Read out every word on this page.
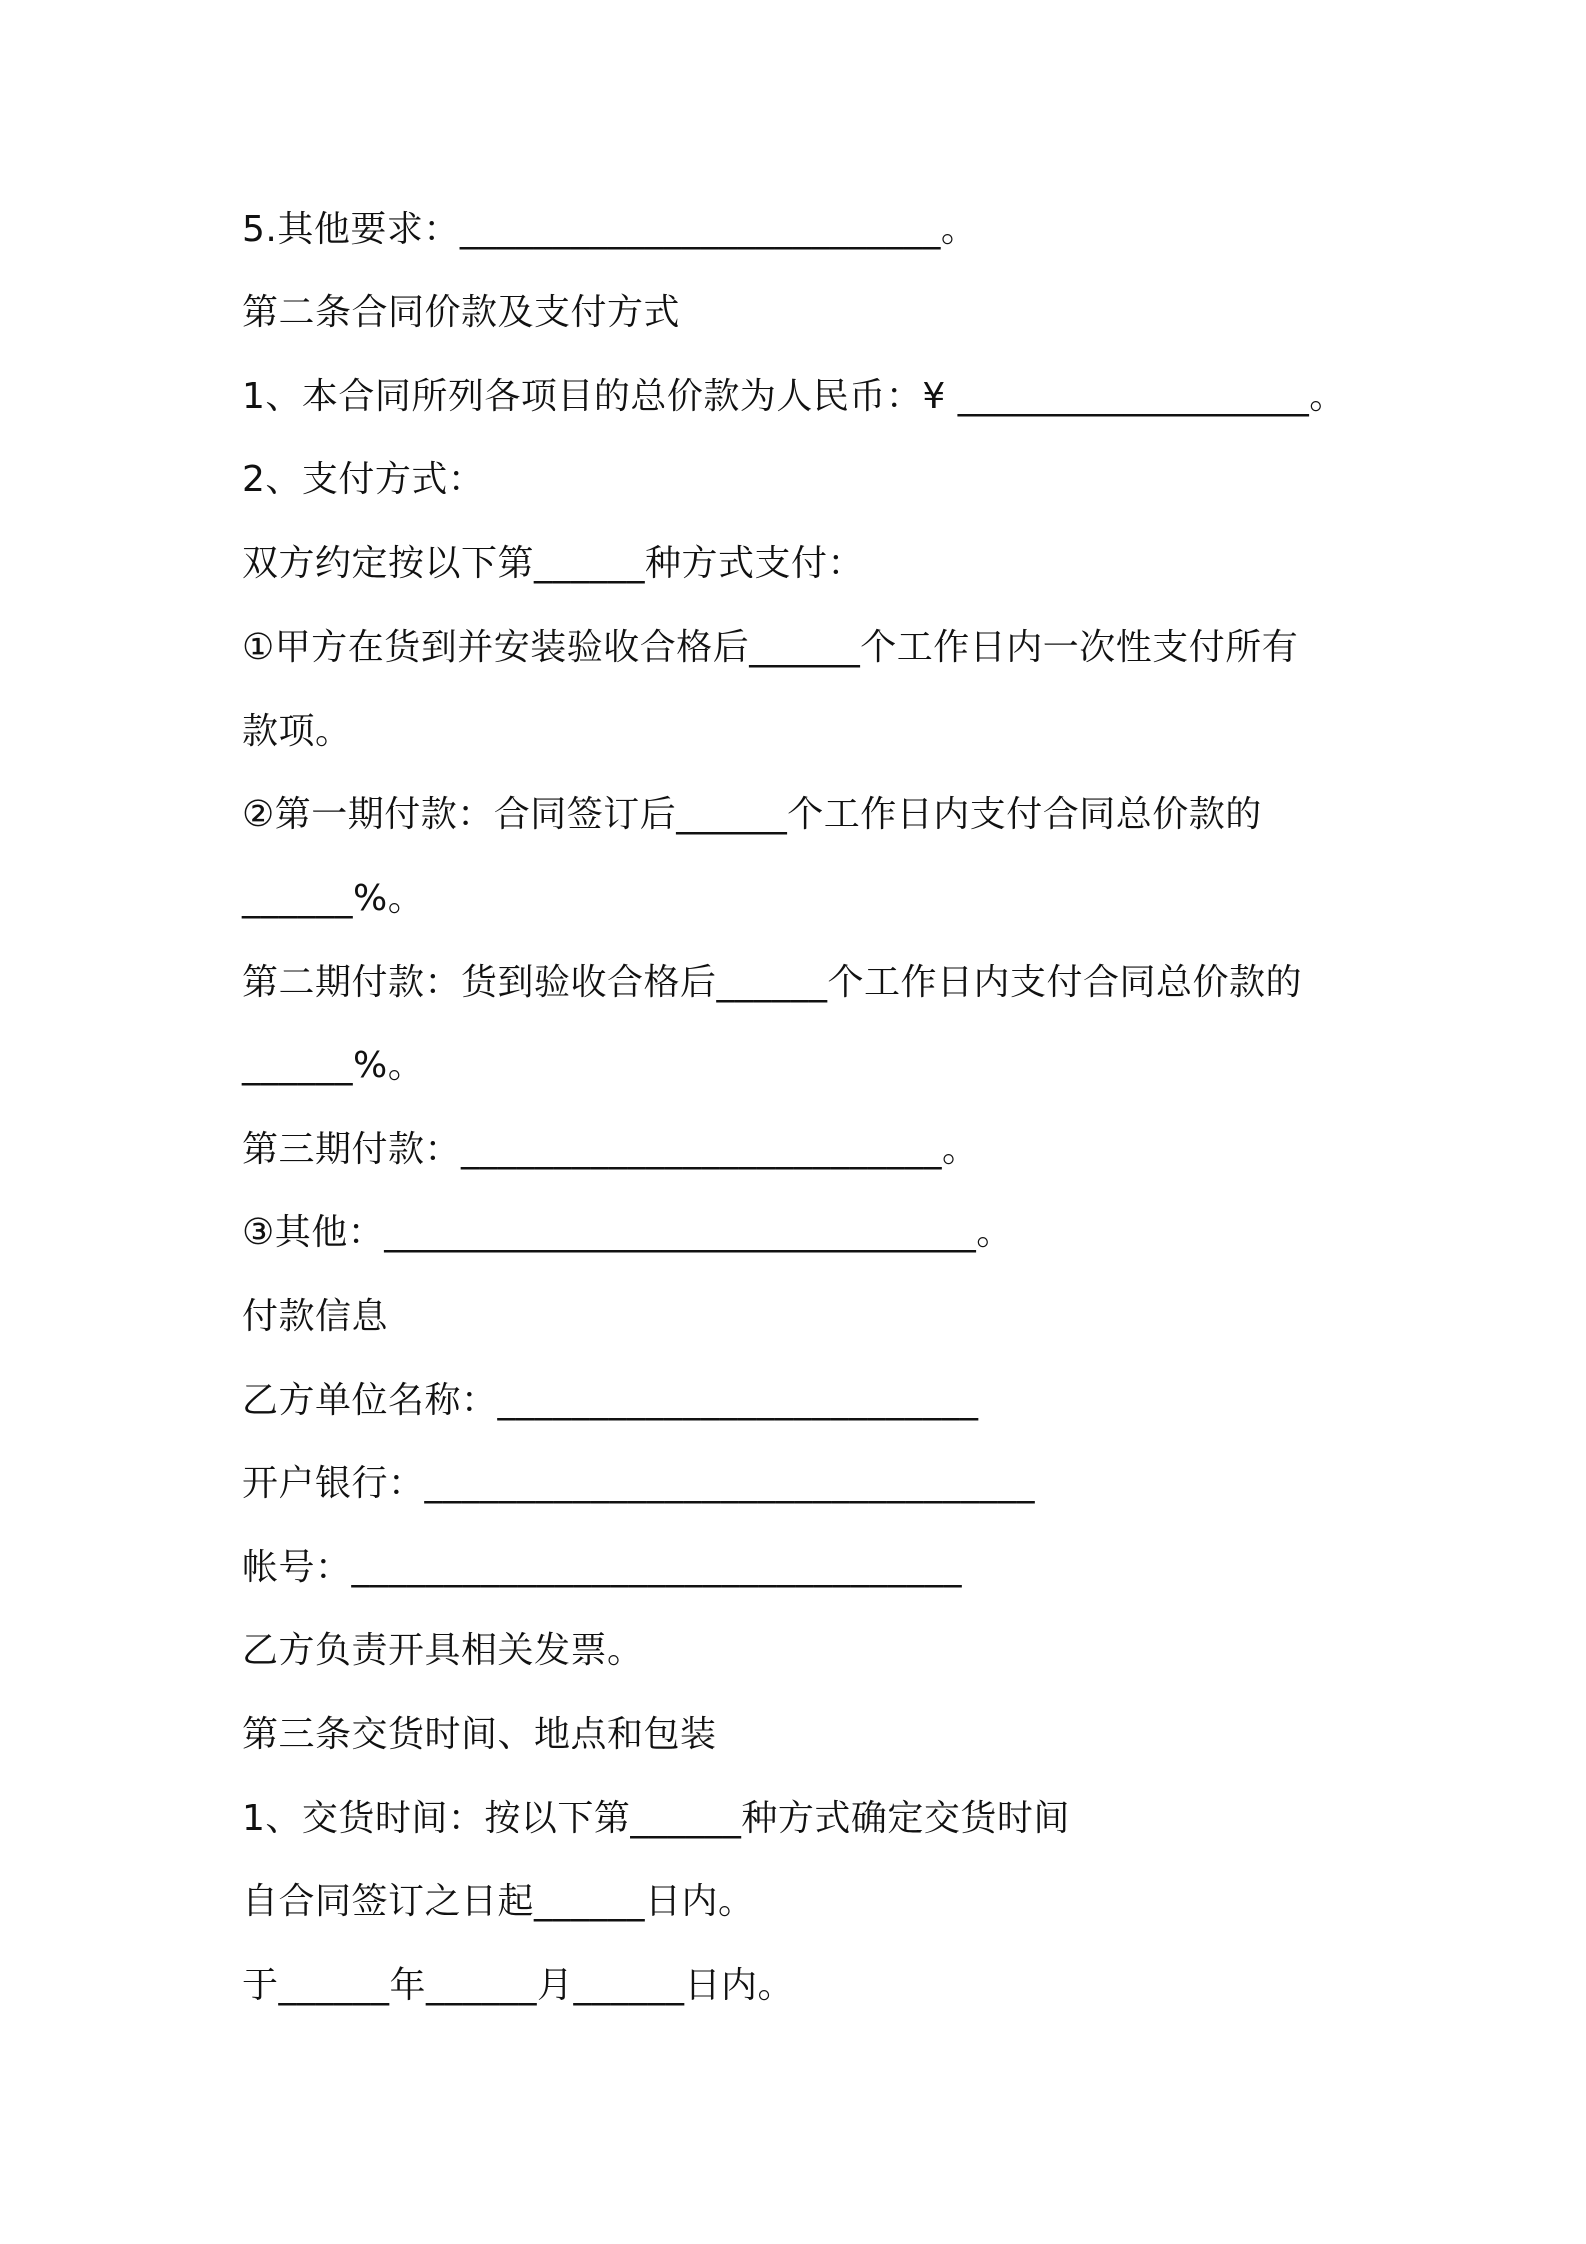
5.其他要求：__________________________。

第二条合同价款及支付方式

1、本合同所列各项目的总价款为人民币：¥ ___________________。

2、支付方式：

双方约定按以下第______种方式支付：

①甲方在货到并安装验收合格后______个工作日内一次性支付所有

款项。

②第一期付款：合同签订后______个工作日内支付合同总价款的

______%。

第二期付款：货到验收合格后______个工作日内支付合同总价款的

______%。

第三期付款：__________________________。

③其他：________________________________。

付款信息

乙方单位名称：__________________________

开户银行：_________________________________

帐号：_________________________________

乙方负责开具相关发票。

第三条交货时间、地点和包装

1、交货时间：按以下第______种方式确定交货时间

自合同签订之日起______日内。

于______年______月______日内。
